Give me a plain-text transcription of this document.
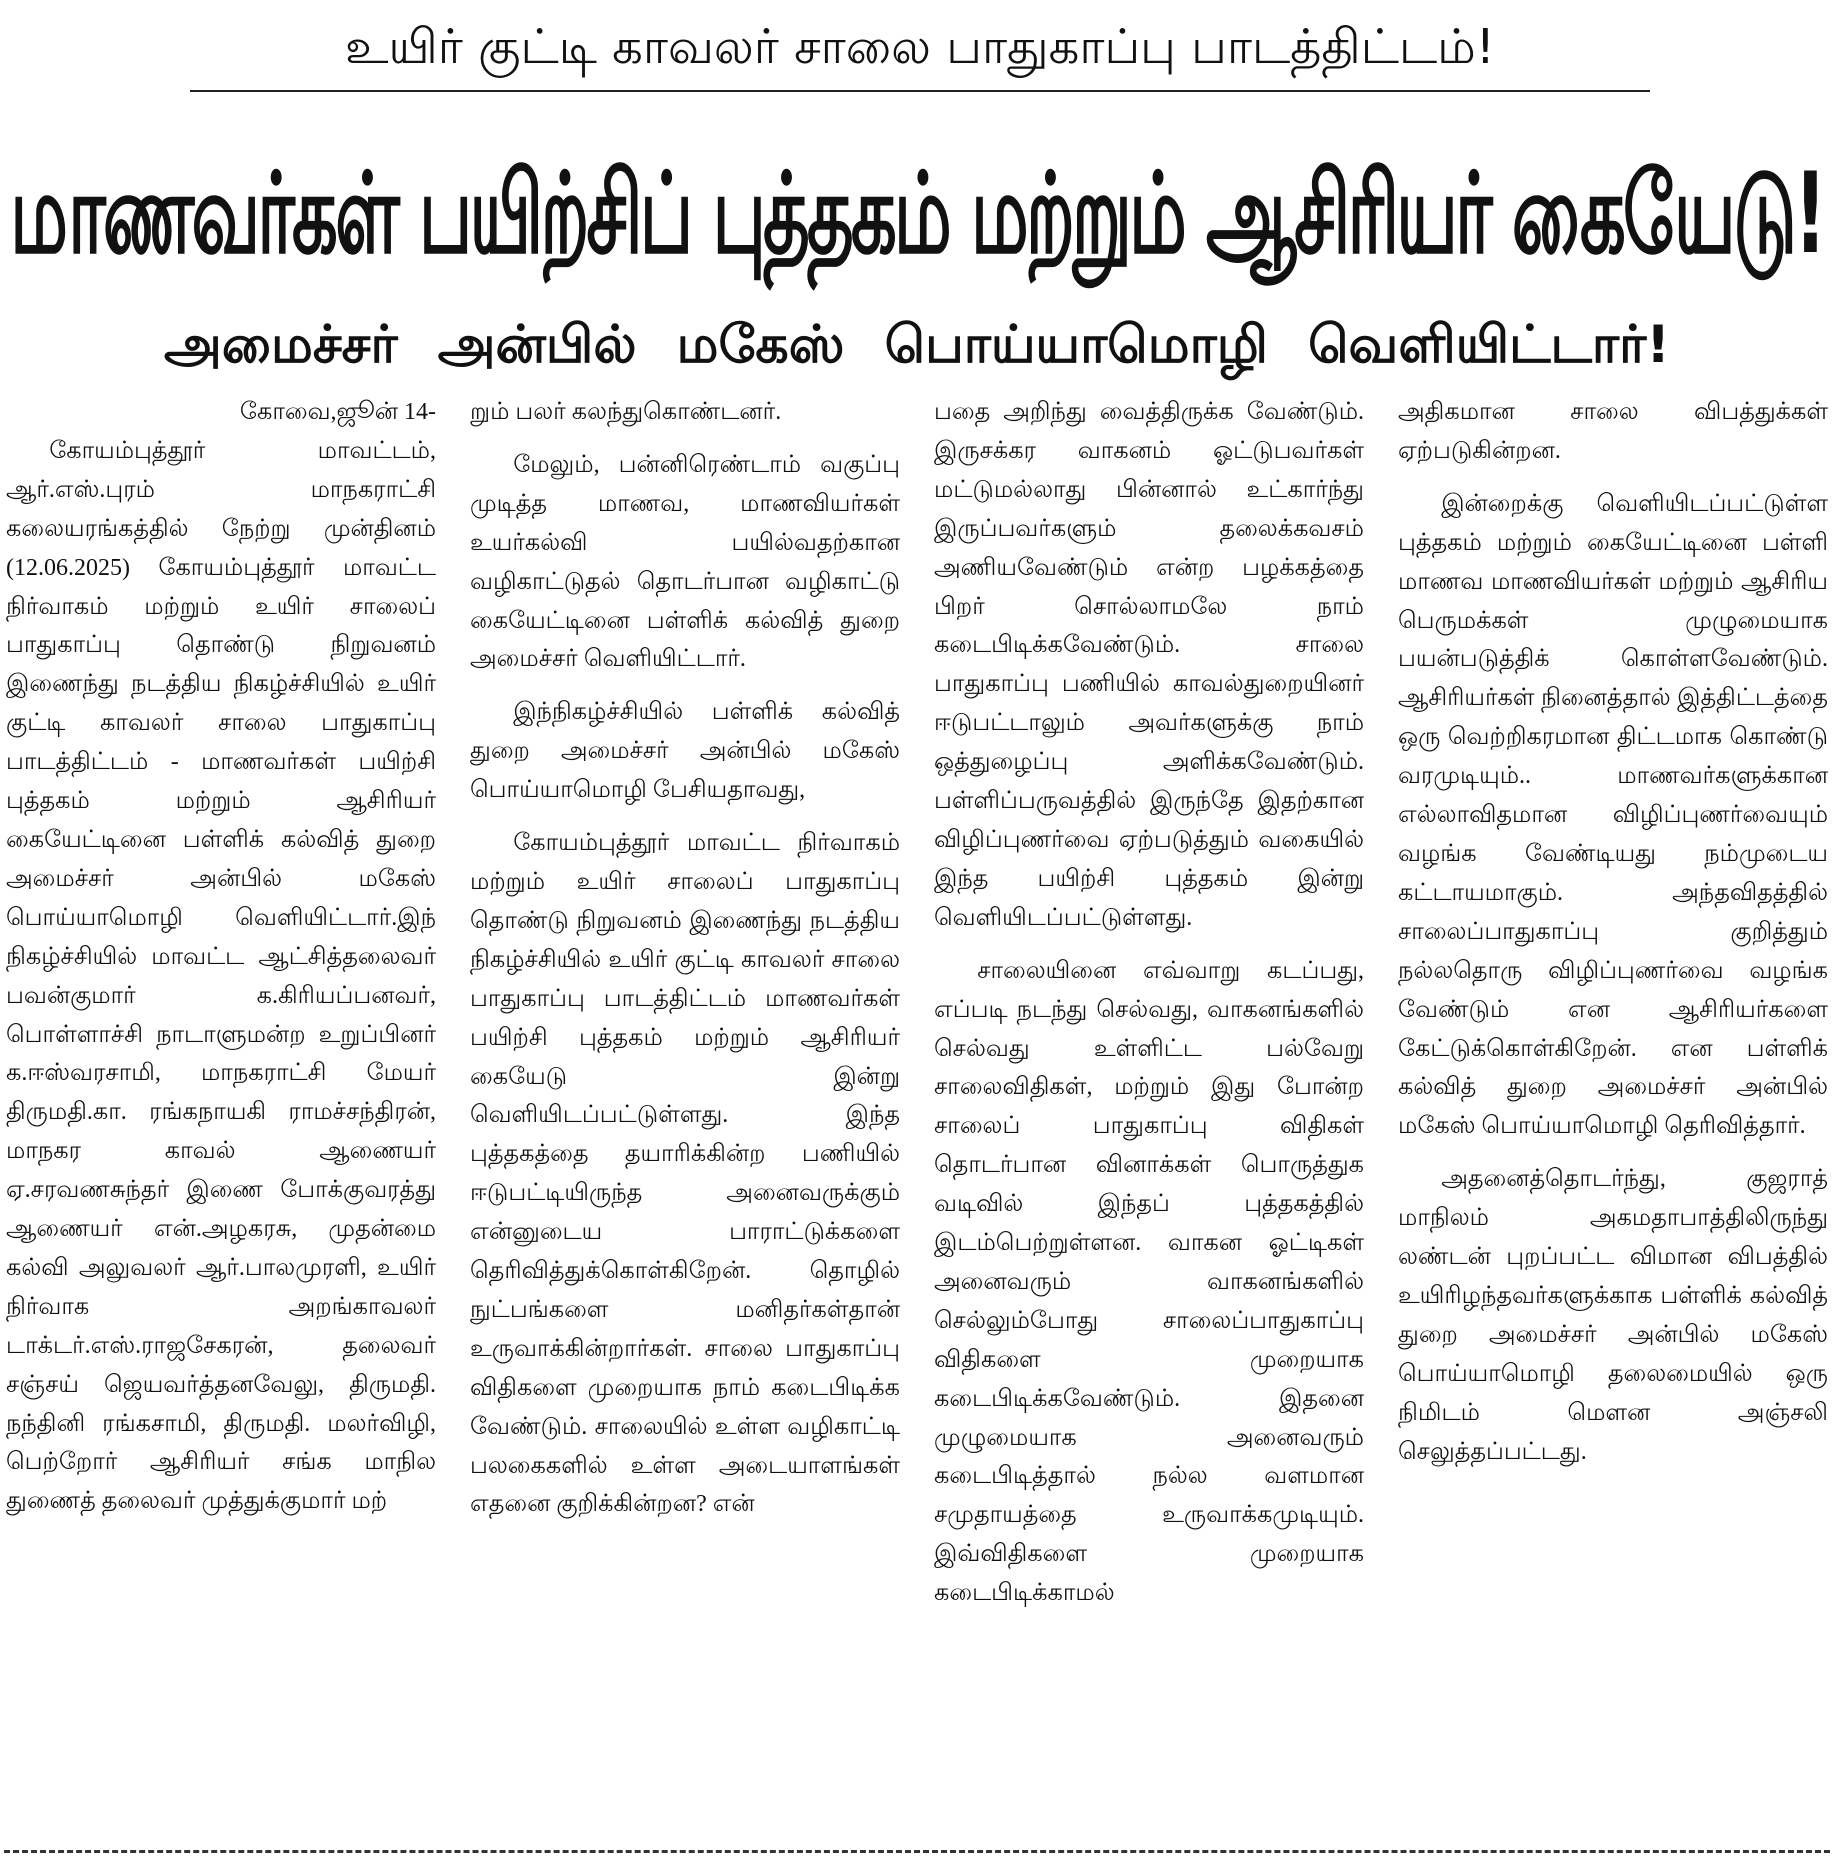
உயிர் குட்டி காவலர் சாலை பாதுகாப்பு பாடத்திட்டம்!
மாணவர்கள் பயிற்சிப் புத்தகம் மற்றும் ஆசிரியர் கையேடு!
அமைச்சர் அன்பில் மகேஸ் பொய்யாமொழி வெளியிட்டார்!
கோவை,ஜூன் 14-

கோயம்புத்தூர் மாவட்டம், ஆர்.எஸ்.புரம் மாநகராட்சி கலையரங்கத்தில் நேற்று முன்தினம் (12.06.2025) கோயம்புத்தூர் மாவட்ட நிர்வாகம் மற்றும் உயிர் சாலைப் பாதுகாப்பு தொண்டு நிறுவனம் இணைந்து நடத்திய நிகழ்ச்சியில் உயிர் குட்டி காவலர் சாலை பாதுகாப்பு பாடத்திட்டம் - மாணவர்கள் பயிற்சி புத்தகம் மற்றும் ஆசிரியர் கையேட்டினை பள்ளிக் கல்வித் துறை அமைச்சர் அன்பில் மகேஸ் பொய்யாமொழி வெளியிட்டார்.இந் நிகழ்ச்சியில் மாவட்ட ஆட்சித்தலைவர் பவன்குமார் க.கிரியப்பனவர், பொள்ளாச்சி நாடாளுமன்ற உறுப்பினர் க.ஈஸ்வரசாமி, மாநகராட்சி மேயர் திருமதி.கா. ரங்கநாயகி ராமச்சந்திரன், மாநகர காவல் ஆணையர் ஏ.சரவணசுந்தர் இணை போக்குவரத்து ஆணையர் என்.அழகரசு, முதன்மை கல்வி அலுவலர் ஆர்.பாலமுரளி, உயிர் நிர்வாக அறங்காவலர் டாக்டர்.எஸ்.ராஜசேகரன், தலைவர் சஞ்சய் ஜெயவர்த்தனவேலு, திருமதி. நந்தினி ரங்கசாமி, திருமதி. மலர்விழி, பெற்றோர் ஆசிரியர் சங்க மாநில துணைத் தலைவர் முத்துக்குமார் மற்

றும் பலர் கலந்துகொண்டனர்.

மேலும், பன்னிரெண்டாம் வகுப்பு முடித்த மாணவ, மாணவியர்கள் உயர்கல்வி பயில்வதற்கான வழிகாட்டுதல் தொடர்பான வழிகாட்டு கையேட்டினை பள்ளிக் கல்வித் துறை அமைச்சர் வெளியிட்டார்.

இந்நிகழ்ச்சியில் பள்ளிக் கல்வித் துறை அமைச்சர் அன்பில் மகேஸ் பொய்யாமொழி பேசியதாவது,

கோயம்புத்தூர் மாவட்ட நிர்வாகம் மற்றும் உயிர் சாலைப் பாதுகாப்பு தொண்டு நிறுவனம் இணைந்து நடத்திய நிகழ்ச்சியில் உயிர் குட்டி காவலர் சாலை பாதுகாப்பு பாடத்திட்டம் மாணவர்கள் பயிற்சி புத்தகம் மற்றும் ஆசிரியர் கையேடு இன்று வெளியிடப்பட்டுள்ளது. இந்த புத்தகத்தை தயாரிக்கின்ற பணியில் ஈடுபட்டியிருந்த அனைவருக்கும் என்னுடைய பாராட்டுக்களை தெரிவித்துக்கொள்கிறேன். தொழில் நுட்பங்களை மனிதர்கள்தான் உருவாக்கின்றார்கள். சாலை பாதுகாப்பு விதிகளை முறையாக நாம் கடைபிடிக்க வேண்டும். சாலையில் உள்ள வழிகாட்டி பலகைகளில் உள்ள அடையாளங்கள் எதனை குறிக்கின்றன? என்

பதை அறிந்து வைத்திருக்க வேண்டும். இருசக்கர வாகனம் ஓட்டுபவர்கள் மட்டுமல்லாது பின்னால் உட்கார்ந்து இருப்பவர்களும் தலைக்கவசம் அணியவேண்டும் என்ற பழக்கத்தை பிறர் சொல்லாமலே நாம் கடைபிடிக்கவேண்டும். சாலை பாதுகாப்பு பணியில் காவல்துறையினர் ஈடுபட்டாலும் அவர்களுக்கு நாம் ஒத்துழைப்பு அளிக்கவேண்டும். பள்ளிப்பருவத்தில் இருந்தே இதற்கான விழிப்புணர்வை ஏற்படுத்தும் வகையில் இந்த பயிற்சி புத்தகம் இன்று வெளியிடப்பட்டுள்ளது.

சாலையினை எவ்வாறு கடப்பது, எப்படி நடந்து செல்வது, வாகனங்களில் செல்வது உள்ளிட்ட பல்வேறு சாலைவிதிகள், மற்றும் இது போன்ற சாலைப் பாதுகாப்பு விதிகள் தொடர்பான வினாக்கள் பொருத்துக வடிவில் இந்தப் புத்தகத்தில் இடம்பெற்றுள்ளன. வாகன ஓட்டிகள் அனைவரும் வாகனங்களில் செல்லும்போது சாலைப்பாதுகாப்பு விதிகளை முறையாக கடைபிடிக்கவேண்டும். இதனை முழுமையாக அனைவரும் கடைபிடித்தால் நல்ல வளமான சமுதாயத்தை உருவாக்கமுடியும். இவ்விதிகளை முறையாக கடைபிடிக்காமல்

அதிகமான சாலை விபத்துக்கள் ஏற்படுகின்றன.

இன்றைக்கு வெளியிடப்பட்டுள்ள புத்தகம் மற்றும் கையேட்டினை பள்ளி மாணவ மாணவியர்கள் மற்றும் ஆசிரிய பெருமக்கள் முழுமையாக பயன்படுத்திக் கொள்ளவேண்டும். ஆசிரியர்கள் நினைத்தால் இத்திட்டத்தை ஒரு வெற்றிகரமான திட்டமாக கொண்டு வரமுடியும்.. மாணவர்களுக்கான எல்லாவிதமான விழிப்புணர்வையும் வழங்க வேண்டியது நம்முடைய கட்டாயமாகும். அந்தவிதத்தில் சாலைப்பாதுகாப்பு குறித்தும் நல்லதொரு விழிப்புணர்வை வழங்க வேண்டும் என ஆசிரியர்களை கேட்டுக்கொள்கிறேன். என பள்ளிக் கல்வித் துறை அமைச்சர் அன்பில் மகேஸ் பொய்யாமொழி தெரிவித்தார்.

அதனைத்தொடர்ந்து, குஜராத் மாநிலம் அகமதாபாத்திலிருந்து லண்டன் புறப்பட்ட விமான விபத்தில் உயிரிழந்தவர்களுக்காக பள்ளிக் கல்வித் துறை அமைச்சர் அன்பில் மகேஸ் பொய்யாமொழி தலைமையில் ஒரு நிமிடம் மௌன அஞ்சலி செலுத்தப்பட்டது.
